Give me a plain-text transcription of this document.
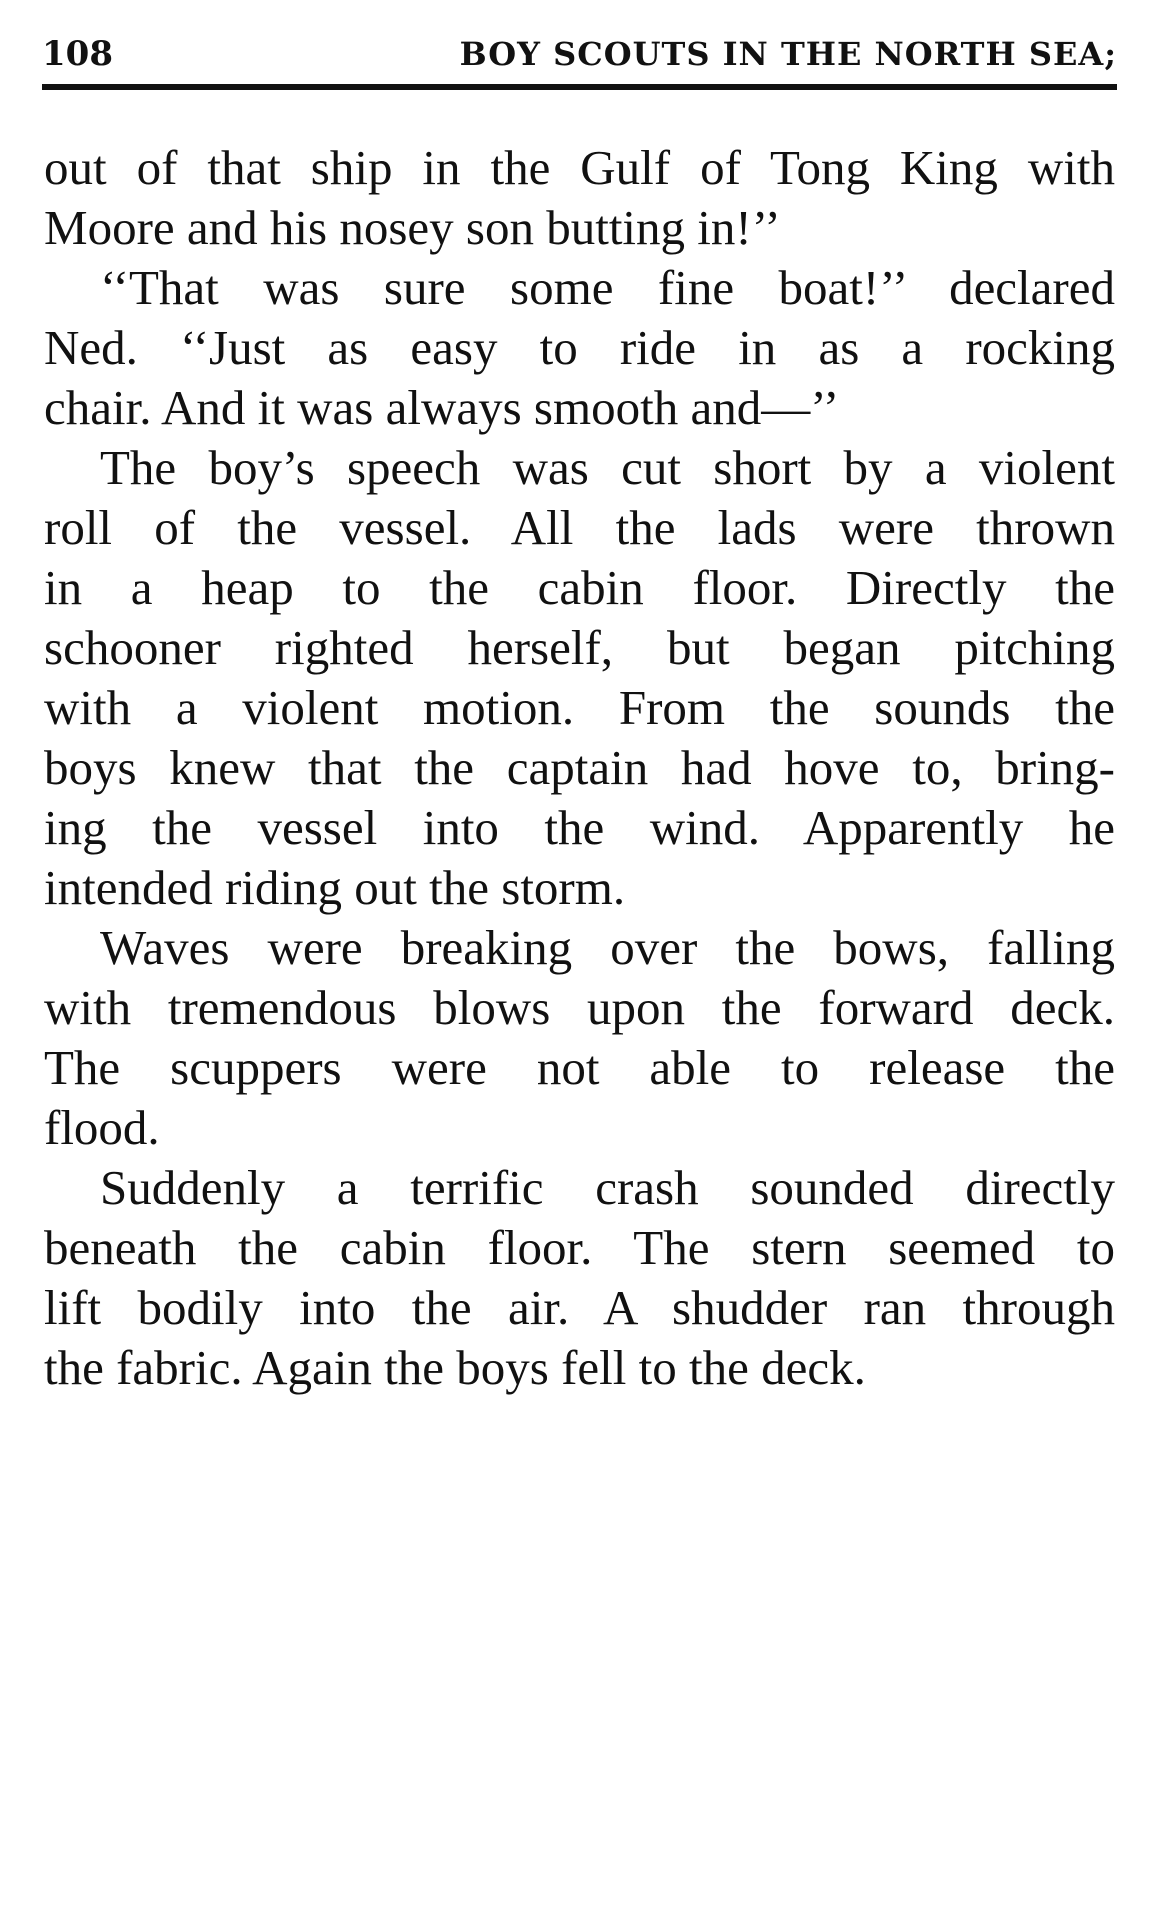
108	BOY SCOUTS IN THE NORTH SEA;
out of that ship in the Gulf of Tong King with
Moore and his nosey son butting in!’’
‘‘That was sure some fine boat!’’ declared
Ned. ‘‘Just as easy to ride in as a rocking
chair. And it was always smooth and—’’
The boy’s speech was cut short by a violent
roll of the vessel. All the lads were thrown
in a heap to the cabin floor. Directly the
schooner righted herself, but began pitching
with a violent motion. From the sounds the
boys knew that the captain had hove to, bring-
ing the vessel into the wind. Apparently he
intended riding out the storm.
Waves were breaking over the bows, falling
with tremendous blows upon the forward deck.
The scuppers were not able to release the
flood.
Suddenly a terrific crash sounded directly
beneath the cabin floor. The stern seemed to
lift bodily into the air. A shudder ran through
the fabric. Again the boys fell to the deck.
